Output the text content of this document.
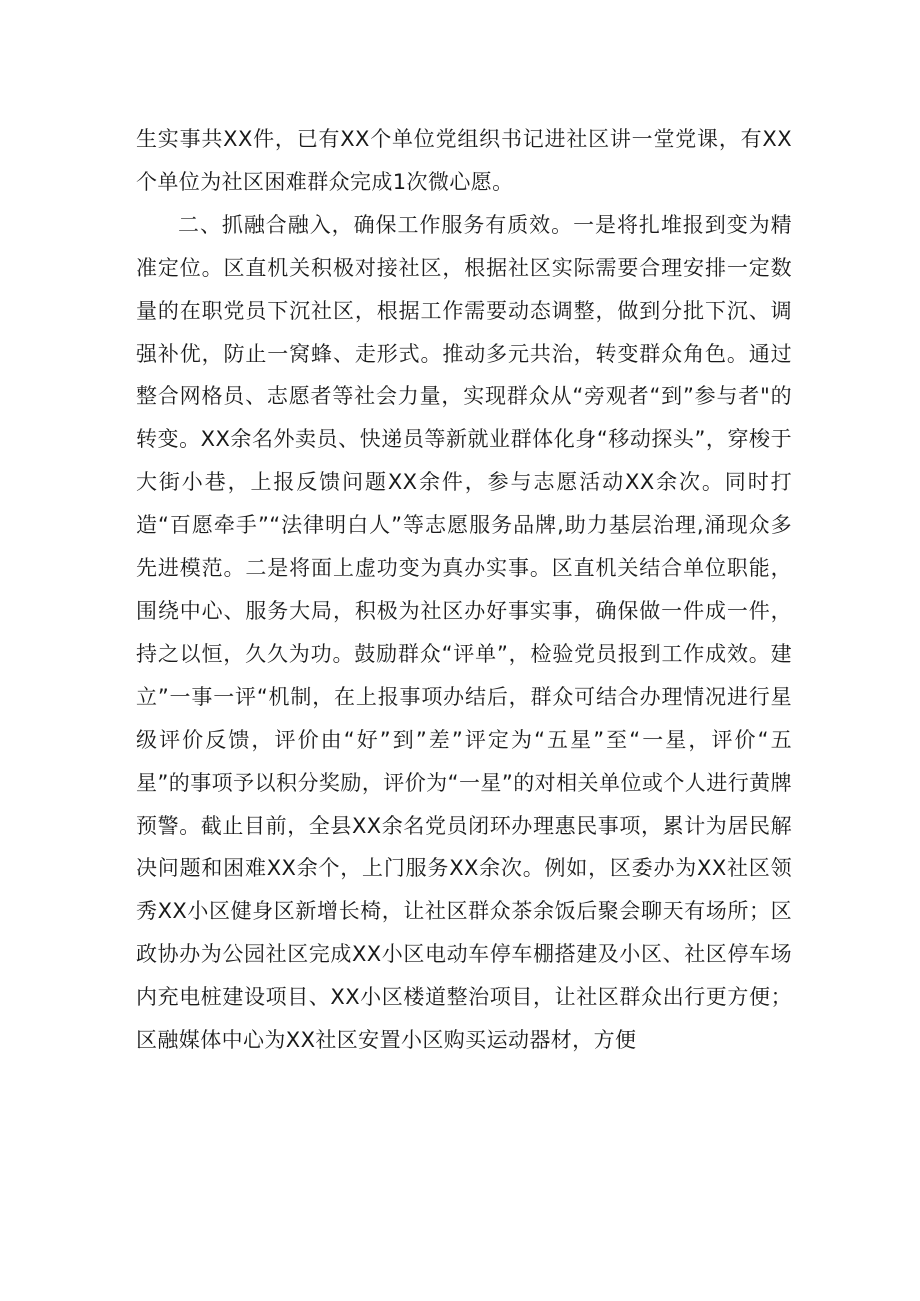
生实事共XX件，已有XX个单位党组织书记进社区讲一堂党课，有XX个单位为社区困难群众完成1次微心愿。

二、抓融合融入，确保工作服务有质效。一是将扎堆报到变为精准定位。区直机关积极对接社区，根据社区实际需要合理安排一定数量的在职党员下沉社区，根据工作需要动态调整，做到分批下沉、调强补优，防止一窝蜂、走形式。推动多元共治，转变群众角色。通过整合网格员、志愿者等社会力量，实现群众从“旁观者“到”参与者"的转变。XX余名外卖员、快递员等新就业群体化身“移动探头”，穿梭于大街小巷，上报反馈问题XX余件，参与志愿活动XX余次。同时打造“百愿牵手”“法律明白人”等志愿服务品牌,助力基层治理,涌现众多先进模范。二是将面上虚功变为真办实事。区直机关结合单位职能，围绕中心、服务大局，积极为社区办好事实事，确保做一件成一件，持之以恒，久久为功。鼓励群众“评单”，检验党员报到工作成效。建立”一事一评“机制，在上报事项办结后，群众可结合办理情况进行星级评价反馈，评价由“好”到”差”评定为“五星”至“一星，评价“五星”的事项予以积分奖励，评价为“一星”的对相关单位或个人进行黄牌预警。截止目前，全县XX余名党员闭环办理惠民事项，累计为居民解决问题和困难XX余个，上门服务XX余次。例如，区委办为XX社区领秀XX小区健身区新增长椅，让社区群众茶余饭后聚会聊天有场所；区政协办为公园社区完成XX小区电动车停车棚搭建及小区、社区停车场内充电桩建设项目、XX小区楼道整治项目，让社区群众出行更方便；区融媒体中心为XX社区安置小区购买运动器材，方便
